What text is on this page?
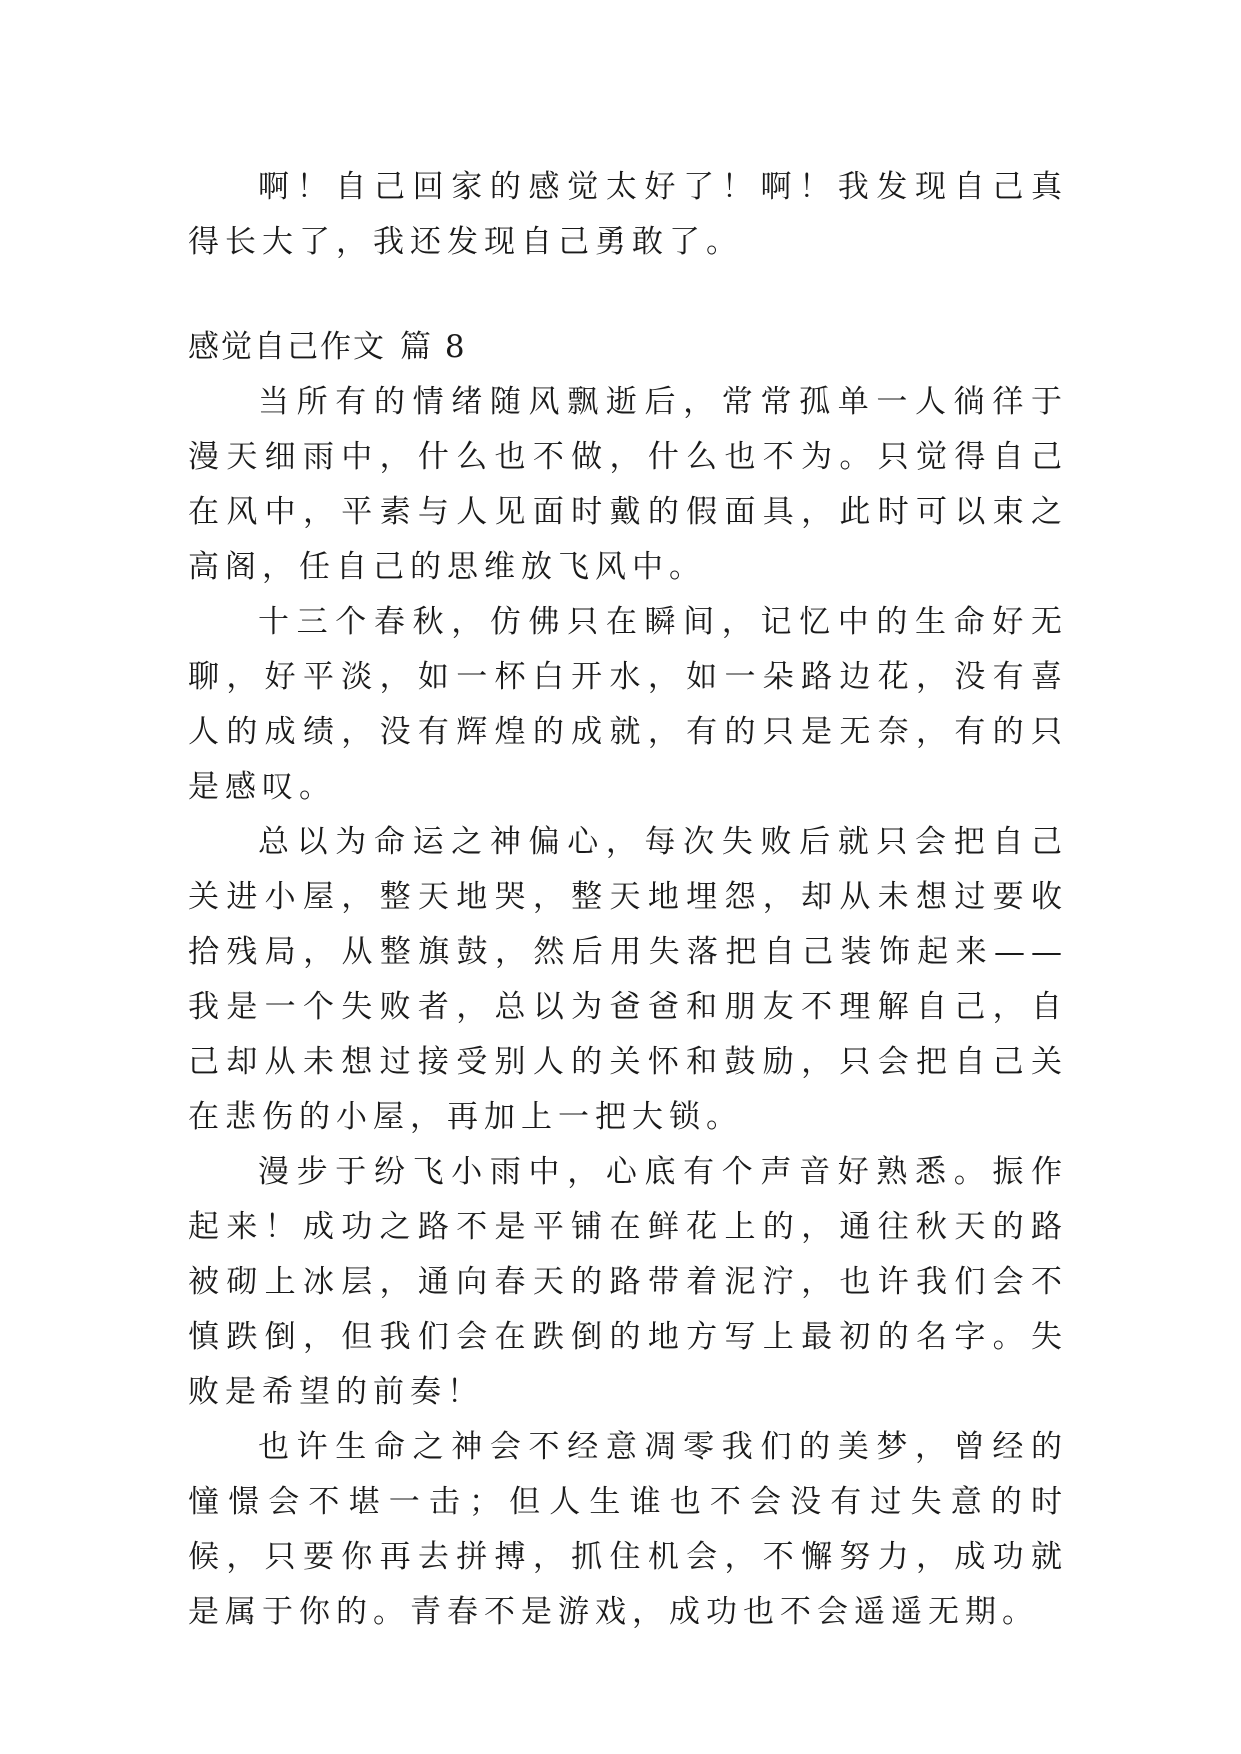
啊！自己回家的感觉太好了！啊！我发现自己真得长大了，我还发现自己勇敢了。

感觉自己作文 篇 8

当所有的情绪随风飘逝后，常常孤单一人徜徉于漫天细雨中，什么也不做，什么也不为。只觉得自己在风中，平素与人见面时戴的假面具，此时可以束之高阁，任自己的思维放飞风中。

十三个春秋，仿佛只在瞬间，记忆中的生命好无聊，好平淡，如一杯白开水，如一朵路边花，没有喜人的成绩，没有辉煌的成就，有的只是无奈，有的只是感叹。

总以为命运之神偏心，每次失败后就只会把自己关进小屋，整天地哭，整天地埋怨，却从未想过要收拾残局，从整旗鼓，然后用失落把自己装饰起来——我是一个失败者，总以为爸爸和朋友不理解自己，自己却从未想过接受别人的关怀和鼓励，只会把自己关在悲伤的小屋，再加上一把大锁。

漫步于纷飞小雨中，心底有个声音好熟悉。振作起来！成功之路不是平铺在鲜花上的，通往秋天的路被砌上冰层，通向春天的路带着泥泞，也许我们会不慎跌倒，但我们会在跌倒的地方写上最初的名字。失败是希望的前奏！

也许生命之神会不经意凋零我们的美梦，曾经的憧憬会不堪一击；但人生谁也不会没有过失意的时候，只要你再去拼搏，抓住机会，不懈努力，成功就是属于你的。青春不是游戏，成功也不会遥遥无期。
